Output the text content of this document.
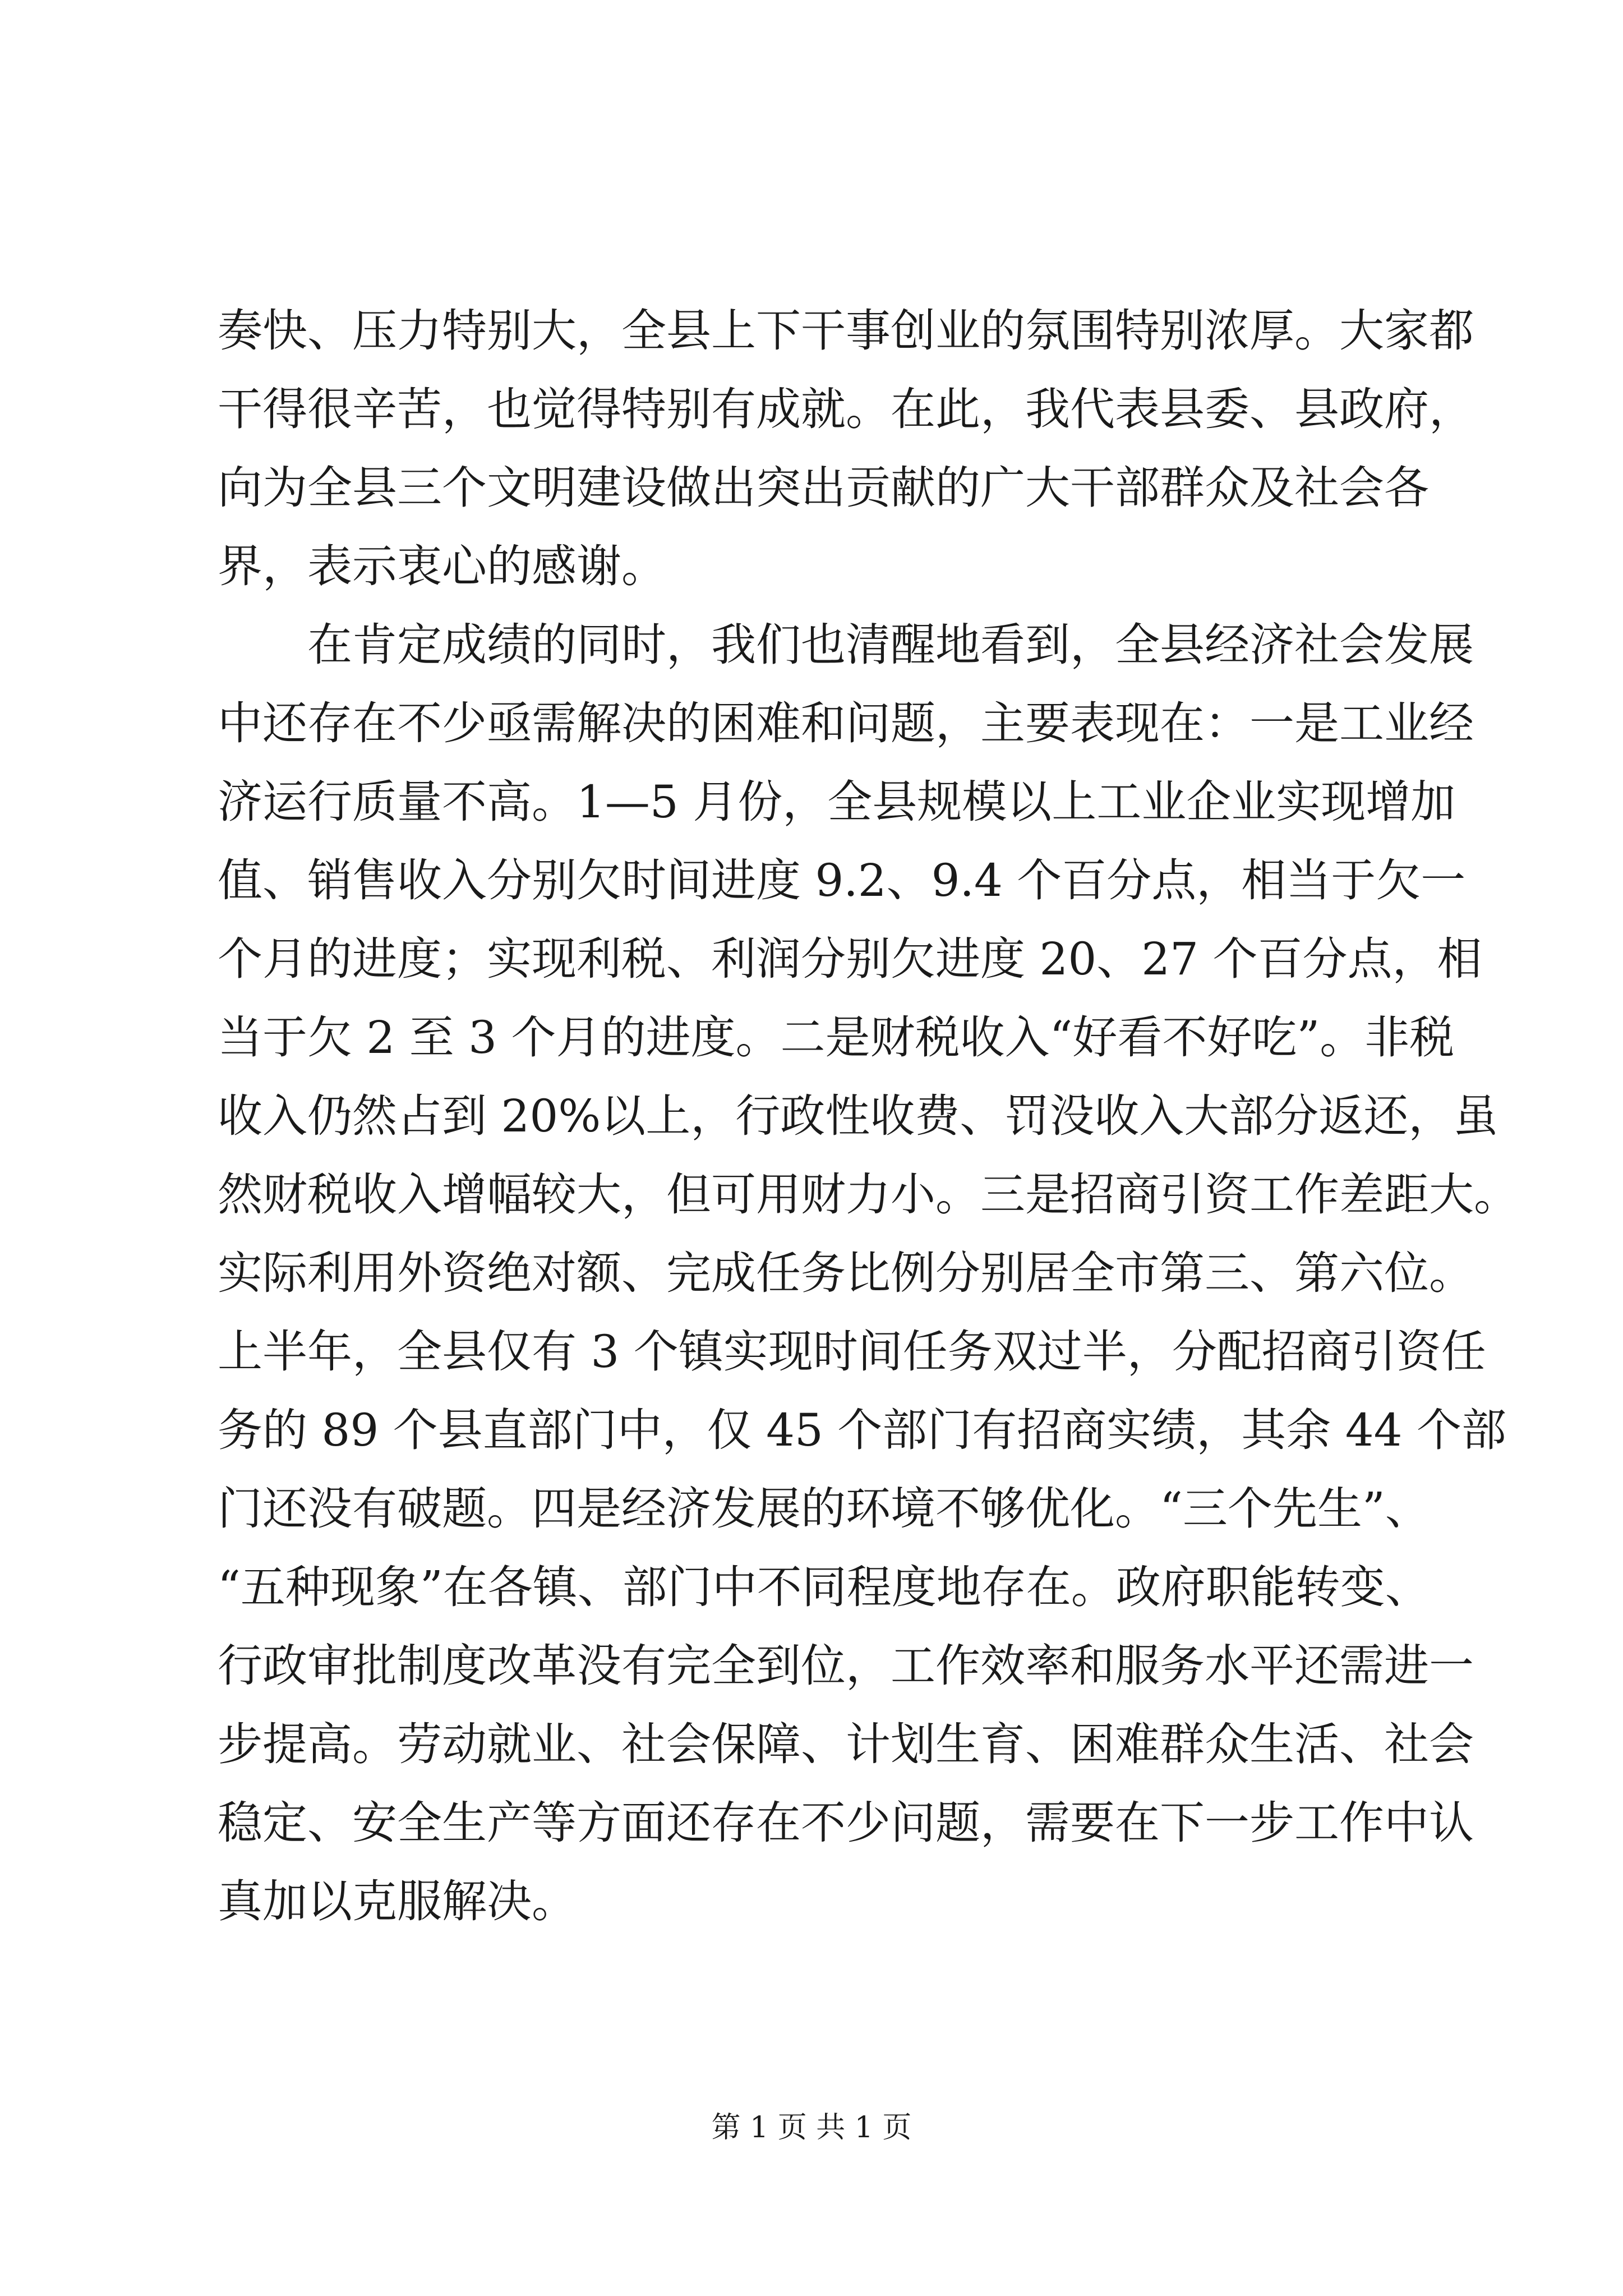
奏快、压力特别大，全县上下干事创业的氛围特别浓厚。大家都
干得很辛苦，也觉得特别有成就。在此，我代表县委、县政府，
向为全县三个文明建设做出突出贡献的广大干部群众及社会各
界，表示衷心的感谢。
在肯定成绩的同时，我们也清醒地看到，全县经济社会发展
中还存在不少亟需解决的困难和问题，主要表现在：一是工业经
济运行质量不高。1—5 月份，全县规模以上工业企业实现增加
值、销售收入分别欠时间进度 9.2、9.4 个百分点，相当于欠一
个月的进度；实现利税、利润分别欠进度 20、27 个百分点，相
当于欠 2 至 3 个月的进度。二是财税收入“好看不好吃”。非税
收入仍然占到 20%以上，行政性收费、罚没收入大部分返还，虽
然财税收入增幅较大，但可用财力小。三是招商引资工作差距大。
实际利用外资绝对额、完成任务比例分别居全市第三、第六位。
上半年，全县仅有 3 个镇实现时间任务双过半，分配招商引资任
务的 89 个县直部门中，仅 45 个部门有招商实绩，其余 44 个部
门还没有破题。四是经济发展的环境不够优化。“三个先生”、
“五种现象”在各镇、部门中不同程度地存在。政府职能转变、
行政审批制度改革没有完全到位，工作效率和服务水平还需进一
步提高。劳动就业、社会保障、计划生育、困难群众生活、社会
稳定、安全生产等方面还存在不少问题，需要在下一步工作中认
真加以克服解决。
第 1 页 共 1 页
